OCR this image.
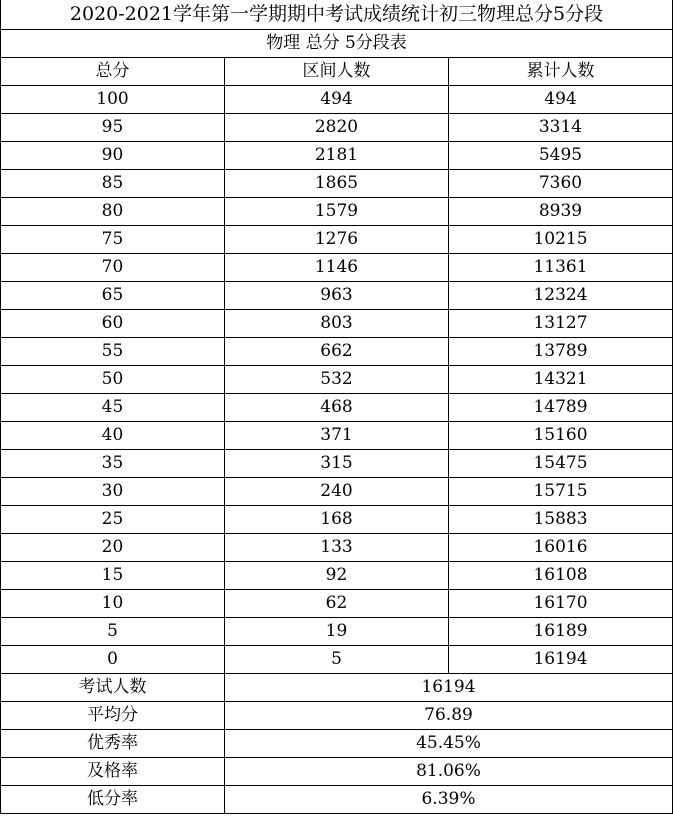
2020-2021学年第一学期期中考试成绩统计初三物理总分5分段		
物理 总分 5分段表		
总分	区间人数	累计人数
100	494	494
95	2820	3314
90	2181	5495
85	1865	7360
80	1579	8939
75	1276	10215
70	1146	11361
65	963	12324
60	803	13127
55	662	13789
50	532	14321
45	468	14789
40	371	15160
35	315	15475
30	240	15715
25	168	15883
20	133	16016
15	92	16108
10	62	16170
5	19	16189
0	5	16194
考试人数	16194	
平均分	76.89	
优秀率	45.45%	
及格率	81.06%	
低分率	6.39%	
